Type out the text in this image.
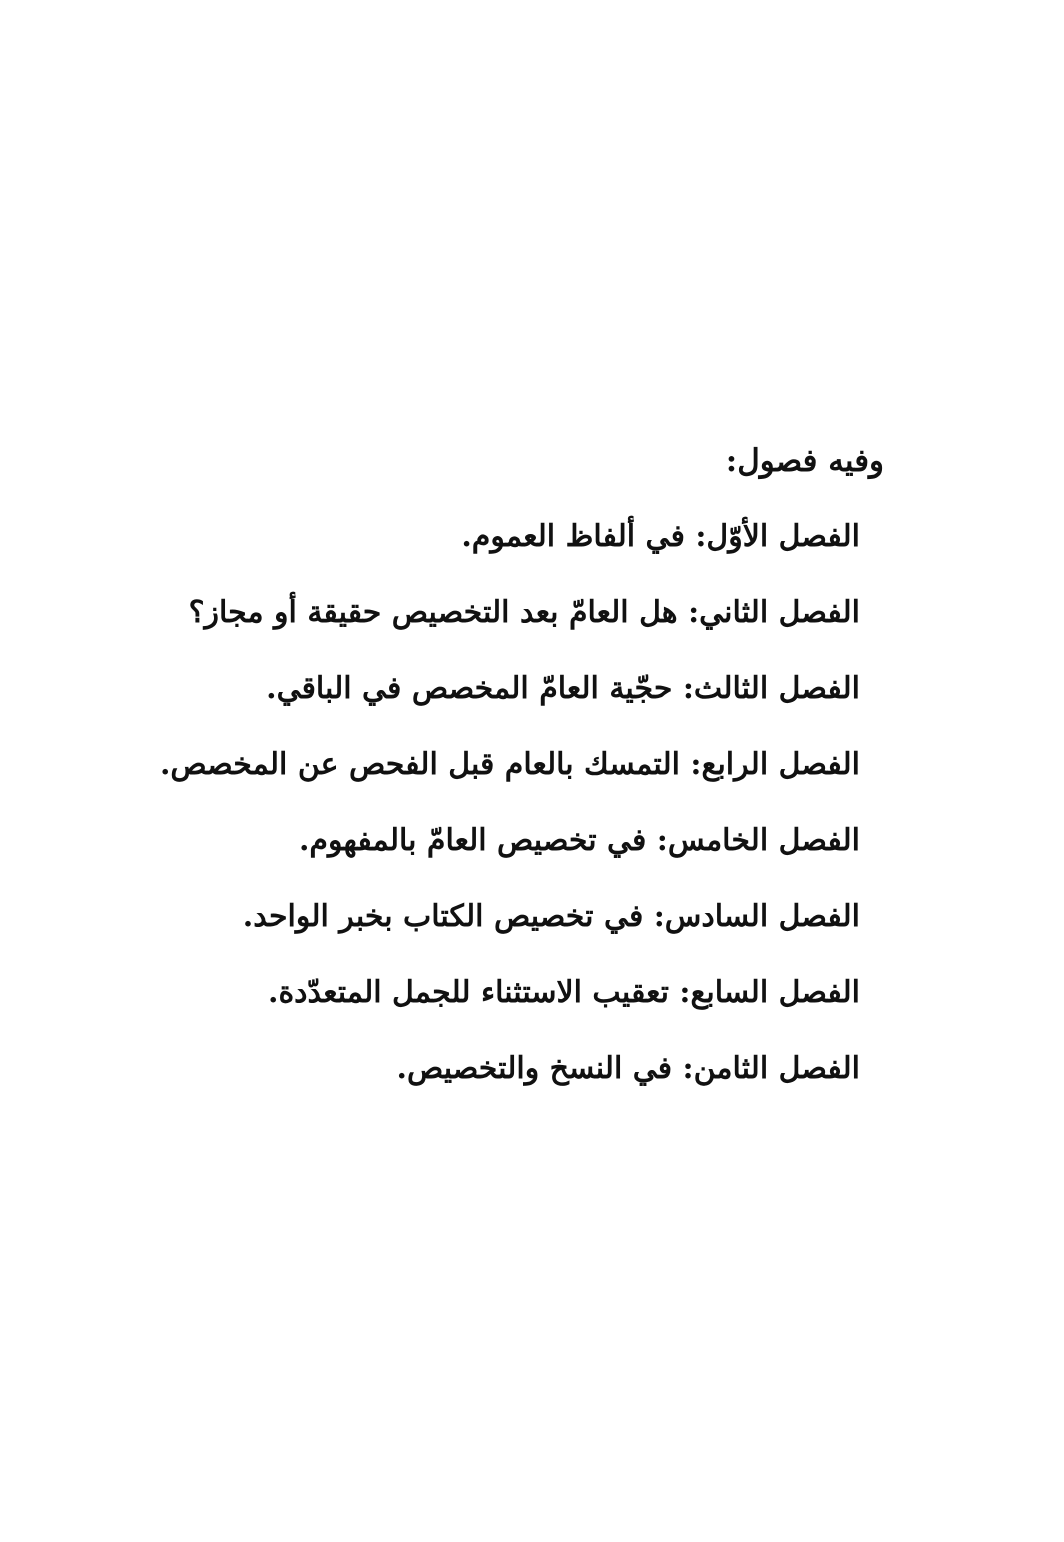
وفيه فصول:

الفصل الأوّل: في ألفاظ العموم.
الفصل الثاني: هل العامّ بعد التخصيص حقيقة أو مجاز؟
الفصل الثالث: حجّية العامّ المخصص في الباقي.
الفصل الرابع: التمسك بالعام قبل الفحص عن المخصص.
الفصل الخامس: في تخصيص العامّ بالمفهوم.
الفصل السادس: في تخصيص الكتاب بخبر الواحد.
الفصل السابع: تعقيب الاستثناء للجمل المتعدّدة.
الفصل الثامن: في النسخ والتخصيص.
